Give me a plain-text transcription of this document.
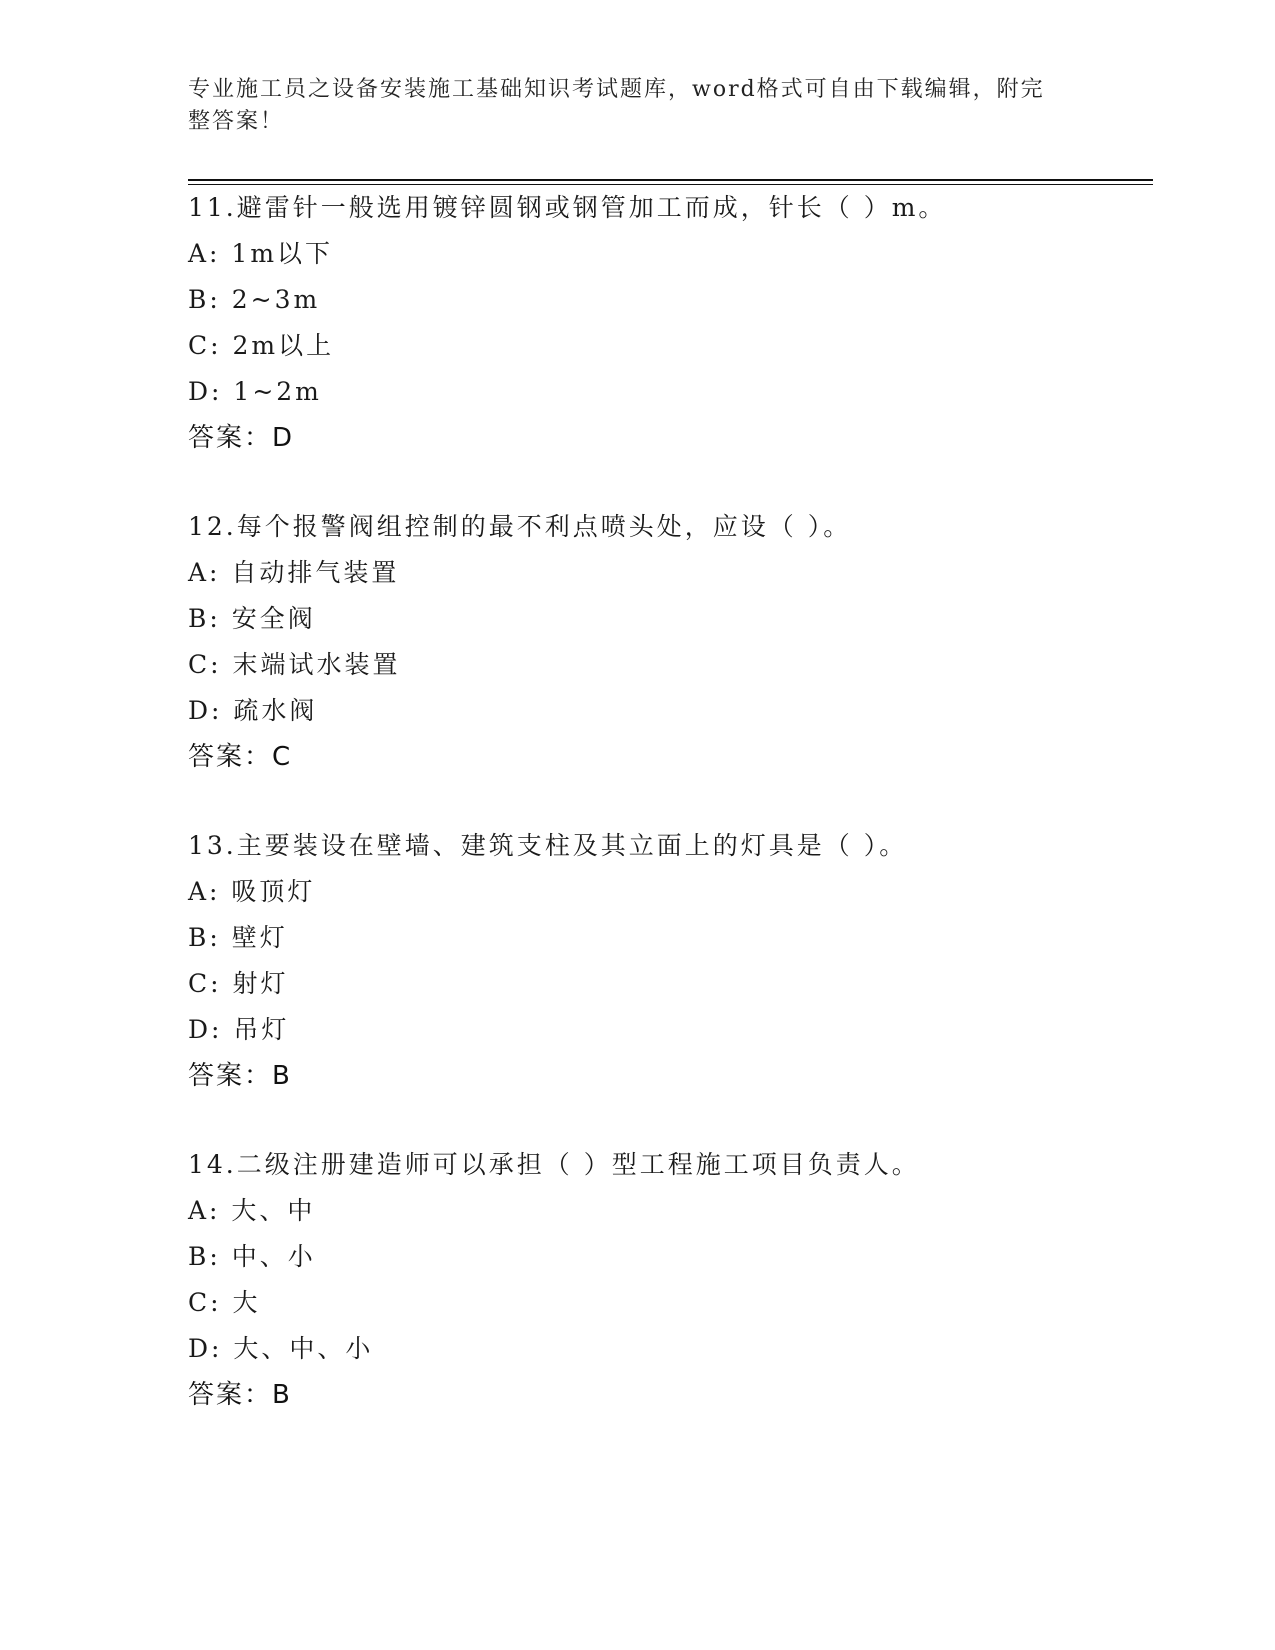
专业施工员之设备安装施工基础知识考试题库，word格式可自由下载编辑，附完整答案！
11.避雷针一般选用镀锌圆钢或钢管加工而成，针长（ ）m。
A: 1m以下
B: 2~3m
C: 2m以上
D: 1~2m
答案：D
12.每个报警阀组控制的最不利点喷头处，应设（ ）。
A: 自动排气装置
B: 安全阀
C: 末端试水装置
D: 疏水阀
答案：C
13.主要装设在壁墙、建筑支柱及其立面上的灯具是（ ）。
A: 吸顶灯
B: 壁灯
C: 射灯
D: 吊灯
答案：B
14.二级注册建造师可以承担（ ）型工程施工项目负责人。
A: 大、中
B: 中、小
C: 大
D: 大、中、小
答案：B
